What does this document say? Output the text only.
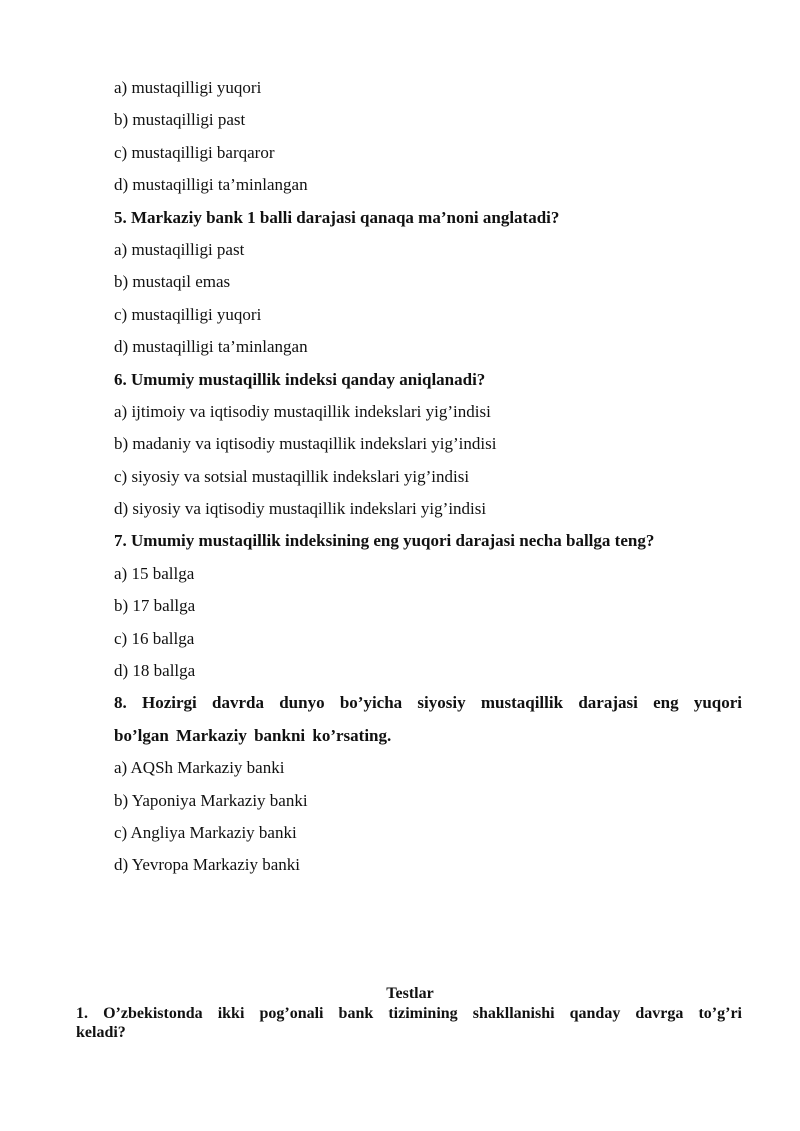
a) mustaqilligi yuqori
b) mustaqilligi past
c) mustaqilligi barqaror
d) mustaqilligi ta’minlangan
5. Markaziy bank 1 balli darajasi qanaqa ma’noni anglatadi?
a) mustaqilligi past
b) mustaqil emas
c) mustaqilligi yuqori
d) mustaqilligi ta’minlangan
6. Umumiy mustaqillik indeksi qanday aniqlanadi?
a) ijtimoiy va iqtisodiy mustaqillik indekslari yig’indisi
b) madaniy va iqtisodiy mustaqillik indekslari yig’indisi
c) siyosiy va sotsial mustaqillik indekslari yig’indisi
d) siyosiy va iqtisodiy mustaqillik indekslari yig’indisi
7. Umumiy mustaqillik indeksining eng yuqori darajasi necha ballga teng?
a) 15 ballga
b) 17 ballga
c) 16 ballga
d) 18 ballga
8. Hozirgi davrda dunyo bo’yicha siyosiy mustaqillik darajasi eng yuqori
bo’lgan Markaziy bankni ko’rsating.
a) AQSh Markaziy banki
b) Yaponiya Markaziy banki
c) Angliya Markaziy banki
d) Yevropa Markaziy banki
Testlar
1. O’zbekistonda ikki pog’onali bank tizimining shakllanishi qanday davrga to’g’ri
keladi?
